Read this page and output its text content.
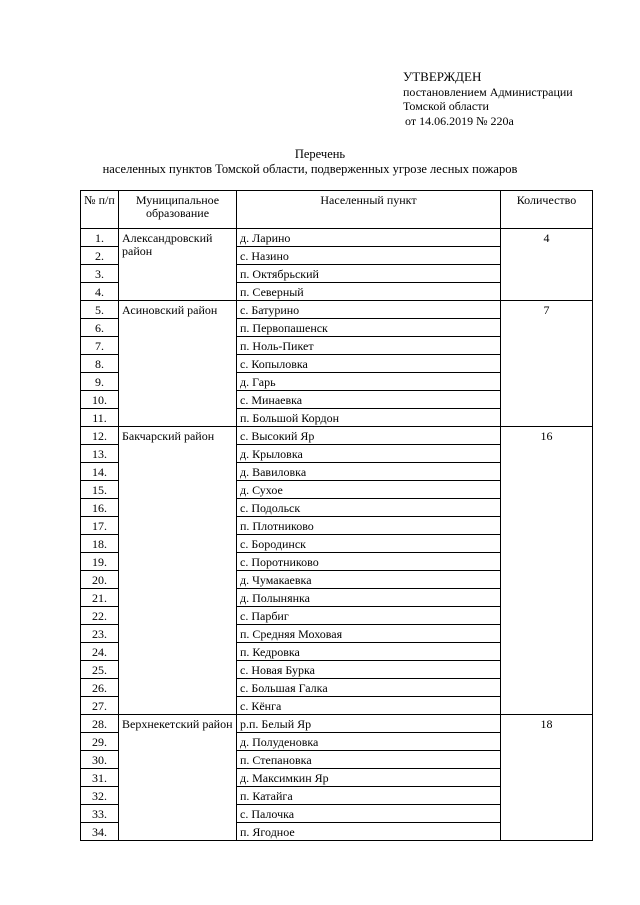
УТВЕРЖДЕН
постановлением Администрации
Томской области
от 14.06.2019 № 220а
Перечень
населенных пунктов Томской области, подверженных угрозе лесных пожаров
№ п/п	Муниципальное образование	Населенный пункт	Количество
1.	Александровский район	д. Ларино	4
2.		с. Назино	
3.		п. Октябрьский	
4.		п. Северный	
5.	Асиновский район	с. Батурино	7
6.		п. Первопашенск	
7.		п. Ноль-Пикет	
8.		с. Копыловка	
9.		д. Гарь	
10.		с. Минаевка	
11.		п. Большой Кордон	
12.	Бакчарский район	с. Высокий Яр	16
13.		д. Крыловка	
14.		д. Вавиловка	
15.		д. Сухое	
16.		с. Подольск	
17.		п. Плотниково	
18.		с. Бородинск	
19.		с. Поротниково	
20.		д. Чумакаевка	
21.		д. Полынянка	
22.		с. Парбиг	
23.		п. Средняя Моховая	
24.		п. Кедровка	
25.		с. Новая Бурка	
26.		с. Большая Галка	
27.		с. Кёнга	
28.	Верхнекетский район	р.п. Белый Яр	18
29.		д. Полуденовка	
30.		п. Степановка	
31.		д. Максимкин Яр	
32.		п. Катайга	
33.		с. Палочка	
34.		п. Ягодное	
